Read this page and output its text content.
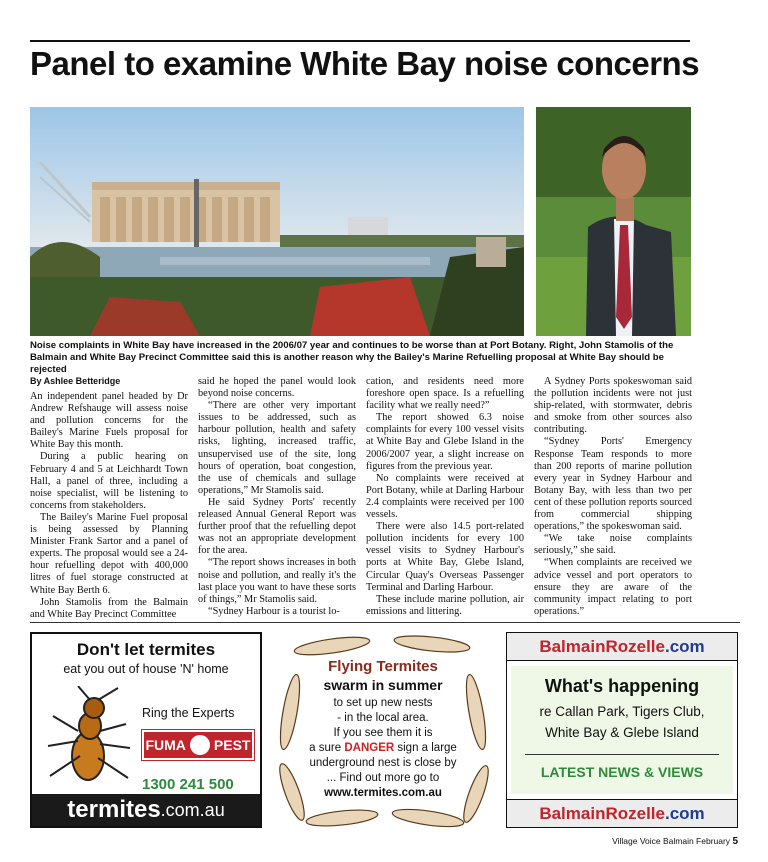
Panel to examine White Bay noise concerns
Noise complaints in White Bay have increased in the 2006/07 year and continues to be worse than at Port Botany. Right, John Stamolis of the Balmain and White Bay Precinct Committee said this is another reason why the Bailey's Marine Refuelling proposal at White Bay should be rejected
By Ashlee Betteridge

An independent panel headed by Dr Andrew Refshauge will assess noise and pollution concerns for the Bailey's Marine Fuels proposal for White Bay this month.

During a public hearing on February 4 and 5 at Leichhardt Town Hall, a panel of three, including a noise specialist, will be listening to concerns from stakeholders.

The Bailey's Marine Fuel proposal is being assessed by Planning Minister Frank Sartor and a panel of experts. The proposal would see a 24-hour refuelling depot with 400,000 litres of fuel storage constructed at White Bay Berth 6.

John Stamolis from the Balmain and White Bay Precinct Committee

said he hoped the panel would look beyond noise concerns.

“There are other very important issues to be addressed, such as harbour pollution, health and safety risks, lighting, increased traffic, unsupervised use of the site, long hours of operation, boat congestion, the use of chemicals and sullage operations,” Mr Stamolis said.

He said Sydney Ports' recently released Annual General Report was further proof that the refuelling depot was not an appropriate development for the area.

“The report shows increases in both noise and pollution, and really it's the last place you want to have these sorts of things,” Mr Stamolis said.

“Sydney Harbour is a tourist lo-

cation, and residents need more foreshore open space. Is a refuelling facility what we really need?”

The report showed 6.3 noise complaints for every 100 vessel visits at White Bay and Glebe Island in the 2006/2007 year, a slight increase on figures from the previous year.

No complaints were received at Port Botany, while at Darling Harbour 2.4 complaints were received per 100 vessels.

There were also 14.5 port-related pollution incidents for every 100 vessel visits to Sydney Harbour's ports at White Bay, Glebe Island, Circular Quay's Overseas Passenger Terminal and Darling Harbour.

These include marine pollution, air emissions and littering.

A Sydney Ports spokeswoman said the pollution incidents were not just ship-related, with stormwater, debris and smoke from other sources also contributing.

“Sydney Ports' Emergency Response Team responds to more than 200 reports of marine pollution every year in Sydney Harbour and Botany Bay, with less than two per cent of these pollution reports sourced from commercial shipping operations,” the spokeswoman said.

“We take noise complaints seriously,” she said.

“When complaints are received we advice vessel and port operators to ensure they are aware of the community impact relating to port operations.”

Don't let termites
eat you out of house 'N' home
Ring the Experts
FUMA PEST
1300 241 500
termites .com.au
Flying Termites
swarm in summer
to set up new nests
- in the local area.
If you see them it is
a sure DANGER sign a large
underground nest is close by
... Find out more go to
www.termites.com.au
BalmainRozelle.com
What's happening
re Callan Park, Tigers Club,
White Bay & Glebe Island
LATEST NEWS & VIEWS
BalmainRozelle.com
Village Voice Balmain February 5
